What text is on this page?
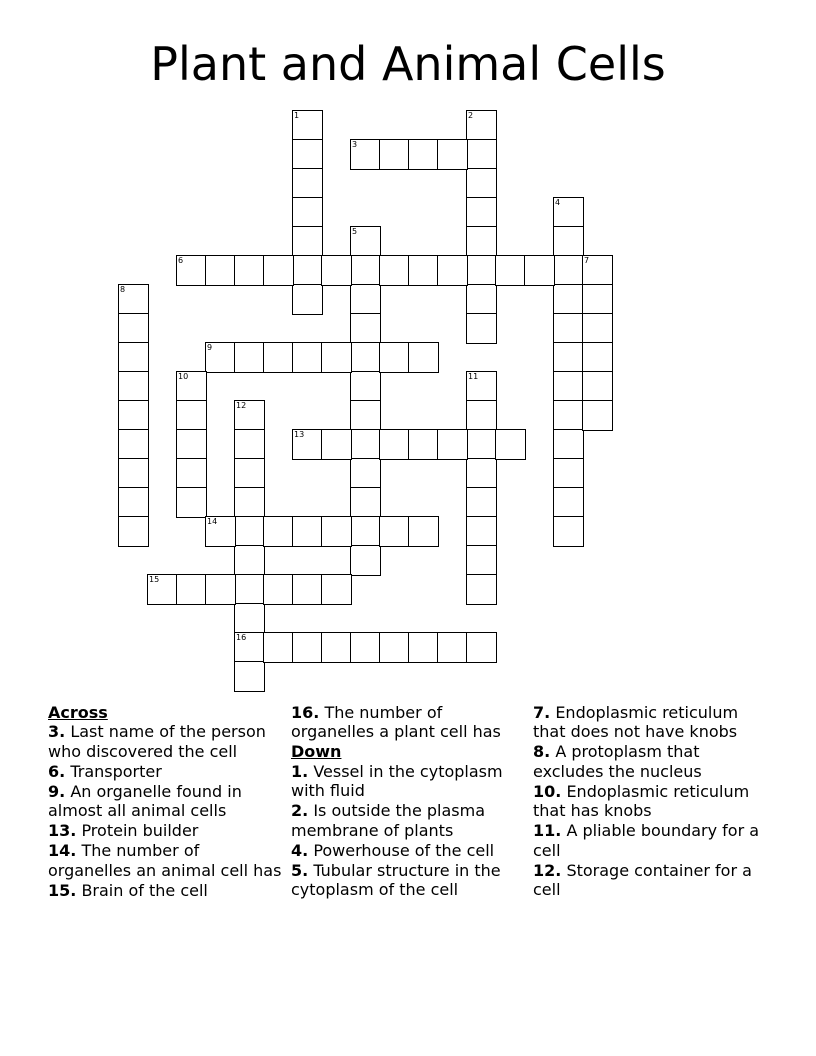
Plant and Animal Cells
1	2
3
4
5
6	7
8
9
10	11
12
16
13
14
15
Across
3. Last name of the person who discovered the cell
6. Transporter
9. An organelle found in almost all animal cells
13. Protein builder
14. The number of organelles an animal cell has
15. Brain of the cell
16. The number of organelles a plant cell has
Down
1. Vessel in the cytoplasm with fluid
2. Is outside the plasma membrane of plants
4. Powerhouse of the cell
5. Tubular structure in the cytoplasm of the cell
7. Endoplasmic reticulum that does not have knobs
8. A protoplasm that excludes the nucleus
10. Endoplasmic reticulum that has knobs
11. A pliable boundary for a cell
12. Storage container for a cell
